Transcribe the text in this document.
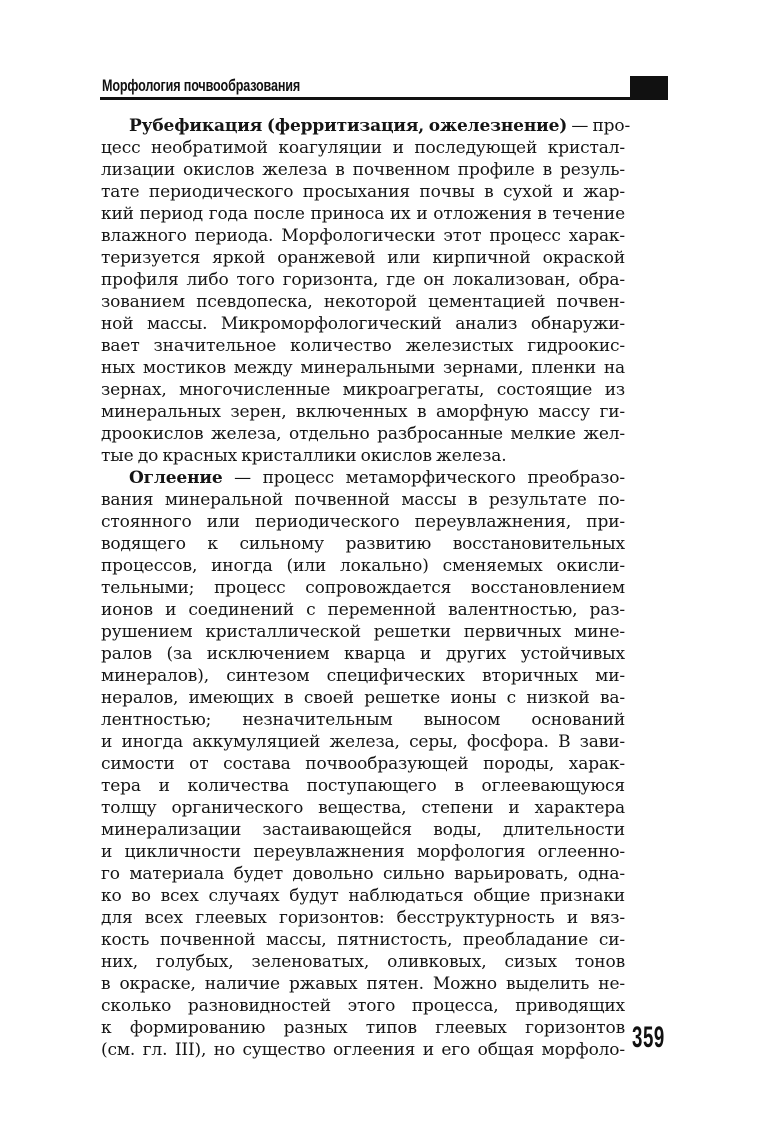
Морфология почвообразования
Рубефикация (ферритизация, ожелезнение) — про-
цесс необратимой коагуляции и последующей кристал-
лизации окислов железа в почвенном профиле в резуль-
тате периодического просыхания почвы в сухой и жар-
кий период года после приноса их и отложения в течение
влажного периода. Морфологически этот процесс харак-
теризуется яркой оранжевой или кирпичной окраской
профиля либо того горизонта, где он локализован, обра-
зованием псевдопеска, некоторой цементацией почвен-
ной массы. Микроморфологический анализ обнаружи-
вает значительное количество железистых гидроокис-
ных мостиков между минеральными зернами, пленки на
зернах, многочисленные микроагрегаты, состоящие из
минеральных зерен, включенных в аморфную массу ги-
дроокислов железа, отдельно разбросанные мелкие жел-
тые до красных кристаллики окислов железа.
Оглеение — процесс метаморфического преобразо-
вания минеральной почвенной массы в результате по-
стоянного или периодического переувлажнения, при-
водящего к сильному развитию восстановительных
процессов, иногда (или локально) сменяемых окисли-
тельными; процесс сопровождается восстановлением
ионов и соединений с переменной валентностью, раз-
рушением кристаллической решетки первичных мине-
ралов (за исключением кварца и других устойчивых
минералов), синтезом специфических вторичных ми-
нералов, имеющих в своей решетке ионы с низкой ва-
лентностью; незначительным выносом оснований
и иногда аккумуляцией железа, серы, фосфора. В зави-
симости от состава почвообразующей породы, харак-
тера и количества поступающего в оглеевающуюся
толщу органического вещества, степени и характера
минерализации застаивающейся воды, длительности
и цикличности переувлажнения морфология оглеенно-
го материала будет довольно сильно варьировать, одна-
ко во всех случаях будут наблюдаться общие признаки
для всех глеевых горизонтов: бесструктурность и вяз-
кость почвенной массы, пятнистость, преобладание си-
них, голубых, зеленоватых, оливковых, сизых тонов
в окраске, наличие ржавых пятен. Можно выделить не-
сколько разновидностей этого процесса, приводящих
к формированию разных типов глеевых горизонтов
(см. гл. III), но существо оглеения и его общая морфоло- 359
